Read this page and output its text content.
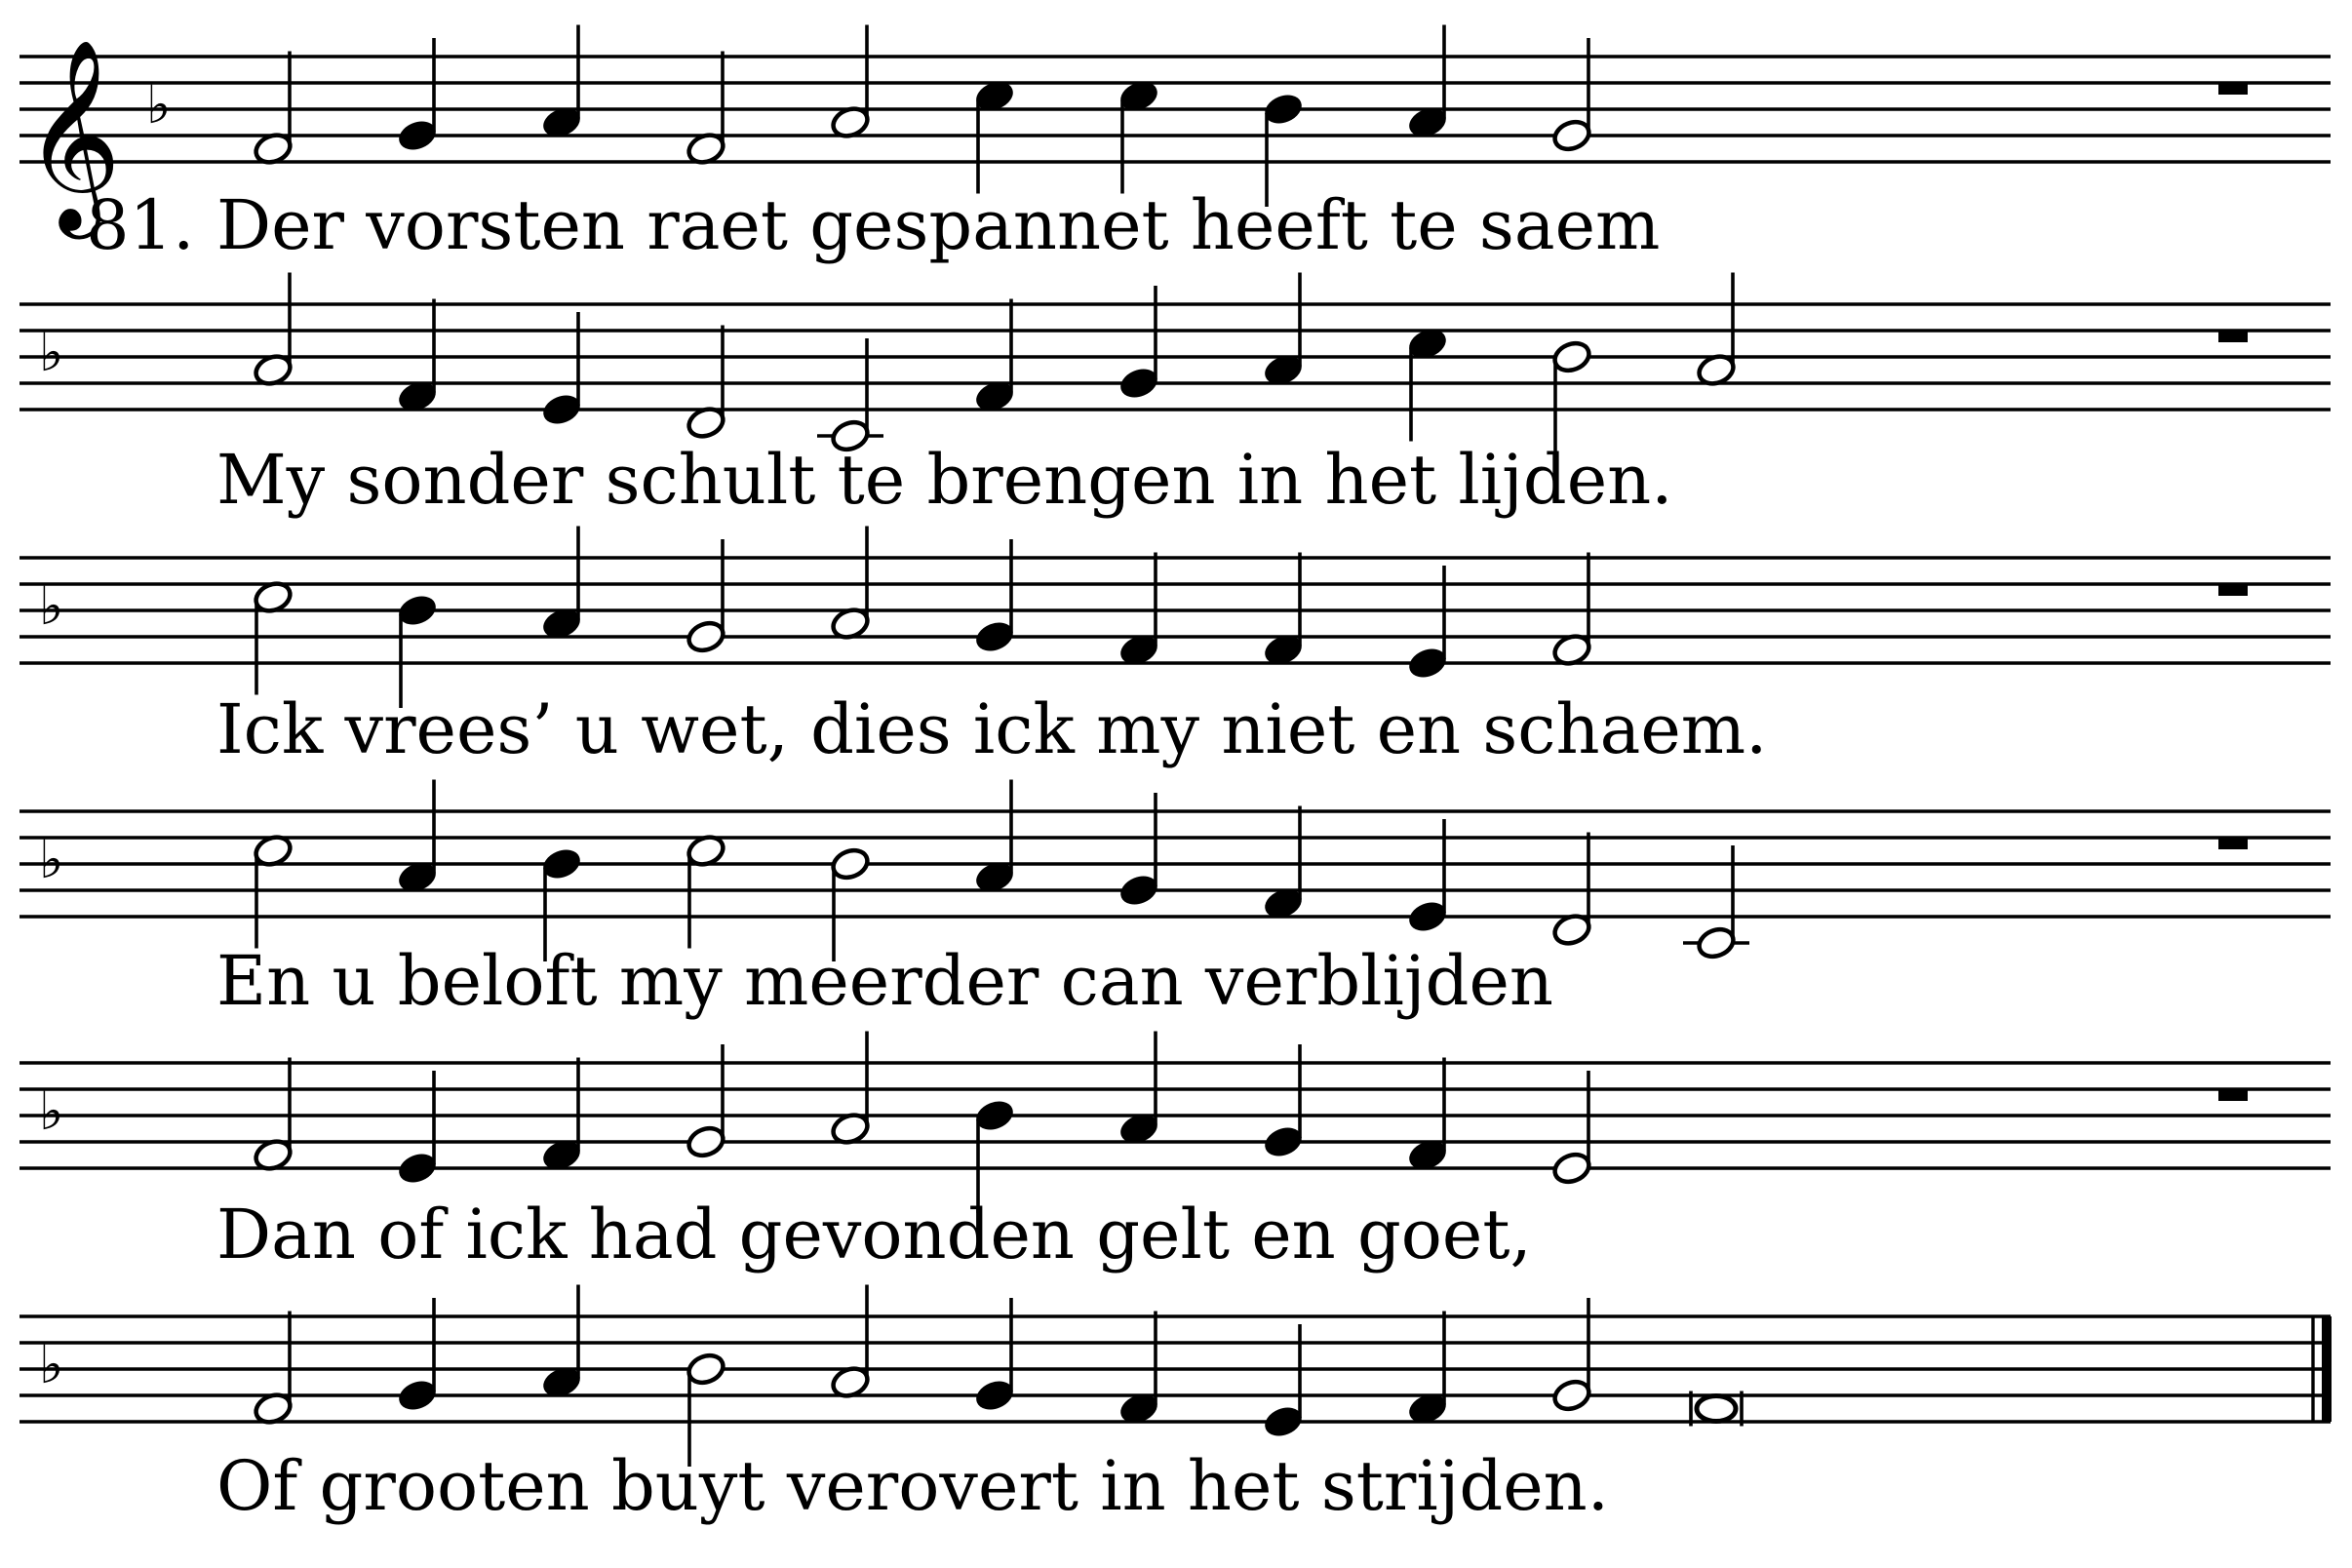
𝄞 ♭
81. Der vorsten raet gespannet heeft te saem
♭
My sonder schult te brengen in het lijden.
♭
Ick vrees’ u wet, dies ick my niet en schaem.
♭
En u beloft my meerder can verblijden
♭
Dan of ick had gevonden gelt en goet,
♭
Of grooten buyt verovert in het strijden.
